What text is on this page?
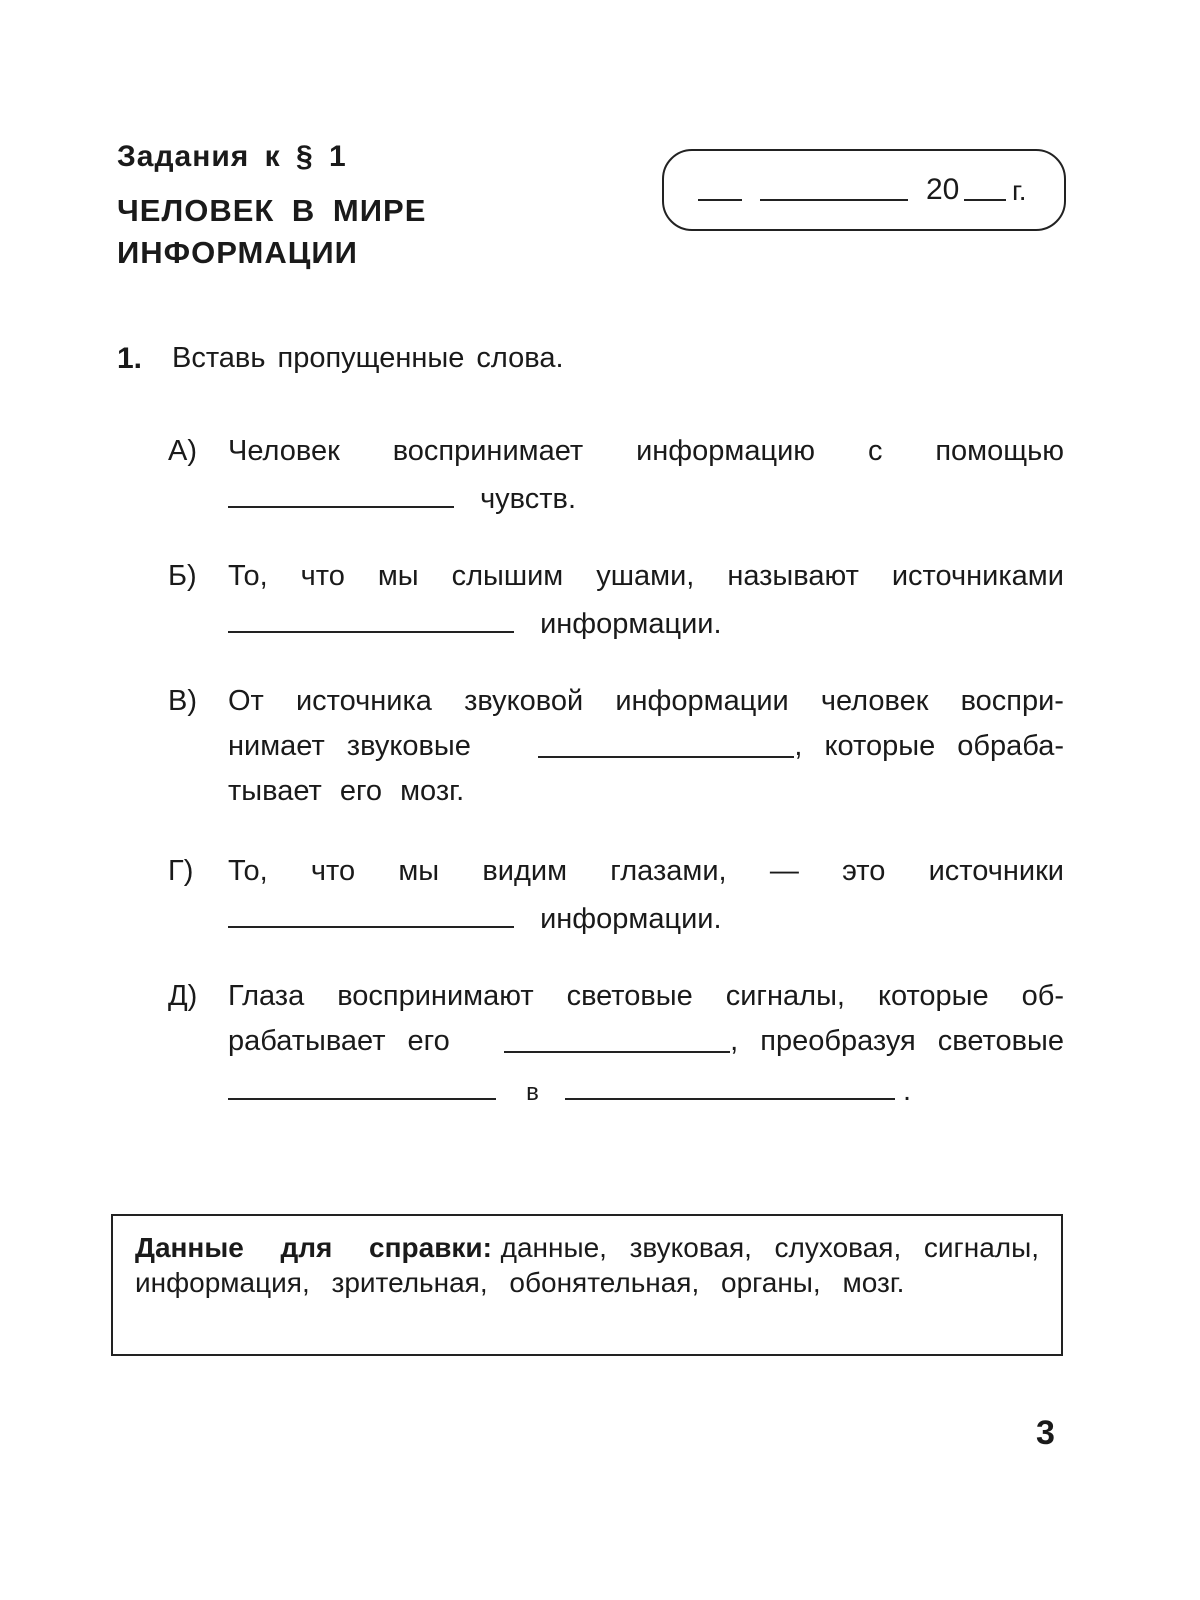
Задания к § 1
ЧЕЛОВЕК В МИРЕ
ИНФОРМАЦИИ
20 г.
1. Вставь пропущенные слова.
А) Человек воспринимает информацию с помощью
чувств.
Б) То, что мы слышим ушами, называют источниками
информации.
В) От источника звуковой информации человек воспри-
нимает звуковые	, которые обраба-
тывает его мозг.
Г) То, что мы видим глазами, — это источники
информации.
Д) Глаза воспринимают световые сигналы, которые об-
рабатывает его	, преобразуя световые
в	.
Данные для справки: данные, звуковая, слуховая, сигналы, информация, зрительная, обонятельная, органы, мозг.
3
